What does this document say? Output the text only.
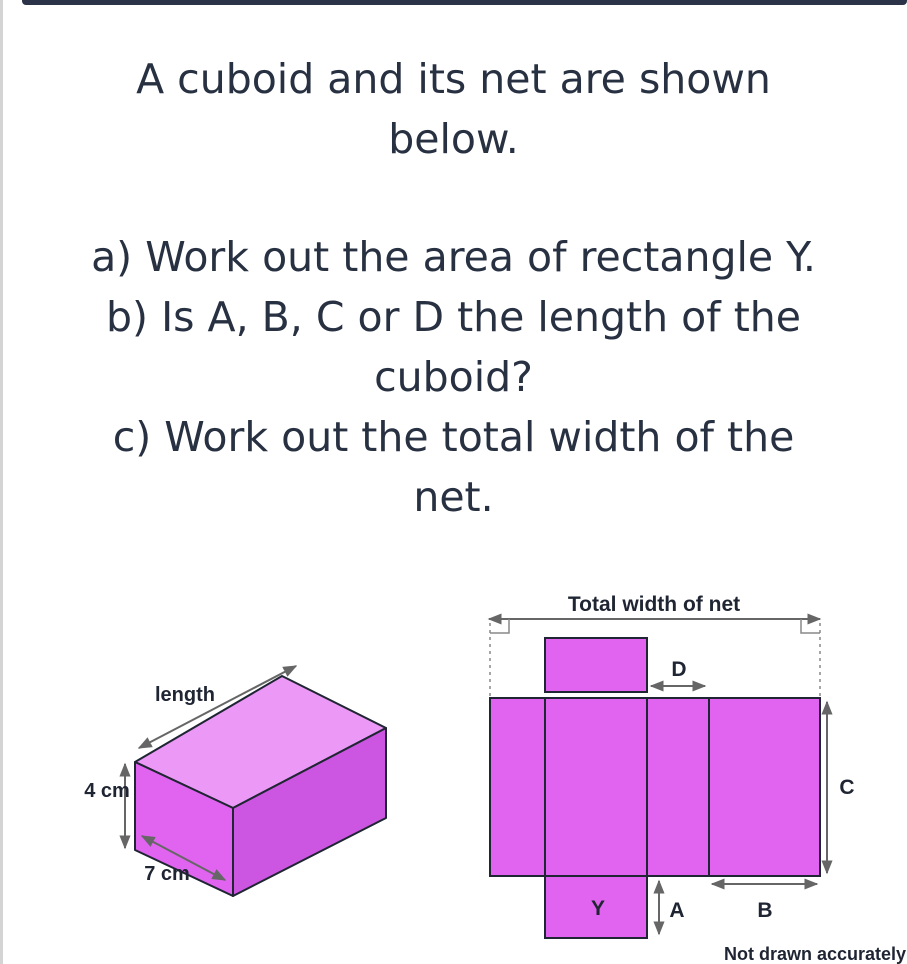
A cuboid and its net are shown

below.

a) Work out the area of rectangle Y.

b) Is A, B, C or D the length of the

cuboid?

c) Work out the total width of the

net.

length
4 cm
7 cm
Total width of net
D
C
Y	A	B
Not drawn accurately
